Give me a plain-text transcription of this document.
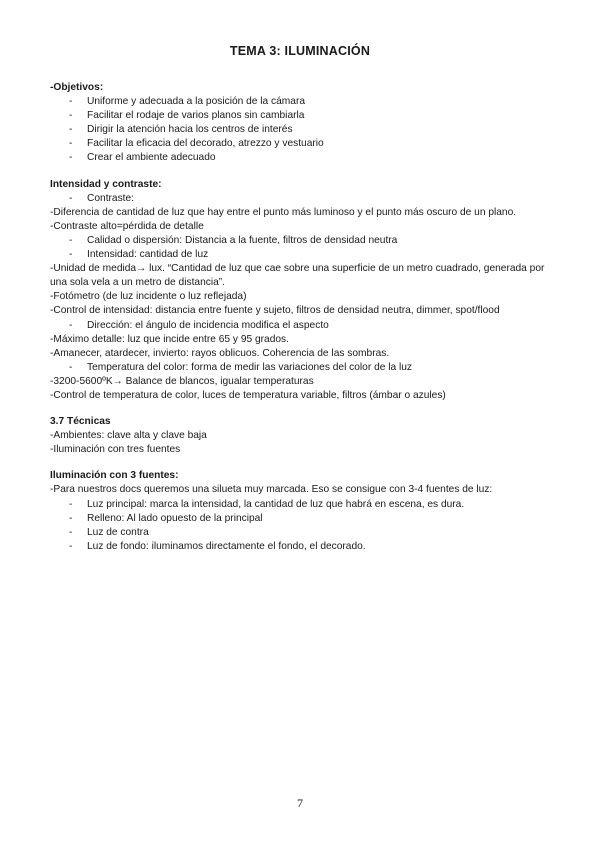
TEMA 3: ILUMINACIÓN
-Objetivos:
- Uniforme y adecuada a la posición de la cámara
- Facilitar el rodaje de varios planos sin cambiarla
- Dirigir la atención hacia los centros de interés
- Facilitar la eficacia del decorado, atrezzo y vestuario
- Crear el ambiente adecuado
Intensidad y contraste:
- Contraste:
-Diferencia de cantidad de luz que hay entre el punto más luminoso y el punto más oscuro de un plano.
-Contraste alto=pérdida de detalle
- Calidad o dispersión: Distancia a la fuente, filtros de densidad neutra
- Intensidad: cantidad de luz
-Unidad de medida→ lux. “Cantidad de luz que cae sobre una superficie de un metro cuadrado, generada por una sola vela a un metro de distancia”.
-Fotómetro (de luz incidente o luz reflejada)
-Control de intensidad: distancia entre fuente y sujeto, filtros de densidad neutra, dimmer, spot/flood
- Dirección: el ángulo de incidencia modifica el aspecto
-Máximo detalle: luz que incide entre 65 y 95 grados.
-Amanecer, atardecer, invierto: rayos oblicuos. Coherencia de las sombras.
- Temperatura del color: forma de medir las variaciones del color de la luz
-3200-5600ºK→ Balance de blancos, igualar temperaturas
-Control de temperatura de color, luces de temperatura variable, filtros (ámbar o azules)
3.7 Técnicas
-Ambientes: clave alta y clave baja
-Iluminación con tres fuentes
Iluminación con 3 fuentes:
-Para nuestros docs queremos una silueta muy marcada. Eso se consigue con 3-4 fuentes de luz:
- Luz principal: marca la intensidad, la cantidad de luz que habrá en escena, es dura.
- Relleno: Al lado opuesto de la principal
- Luz de contra
- Luz de fondo: iluminamos directamente el fondo, el decorado.
7
